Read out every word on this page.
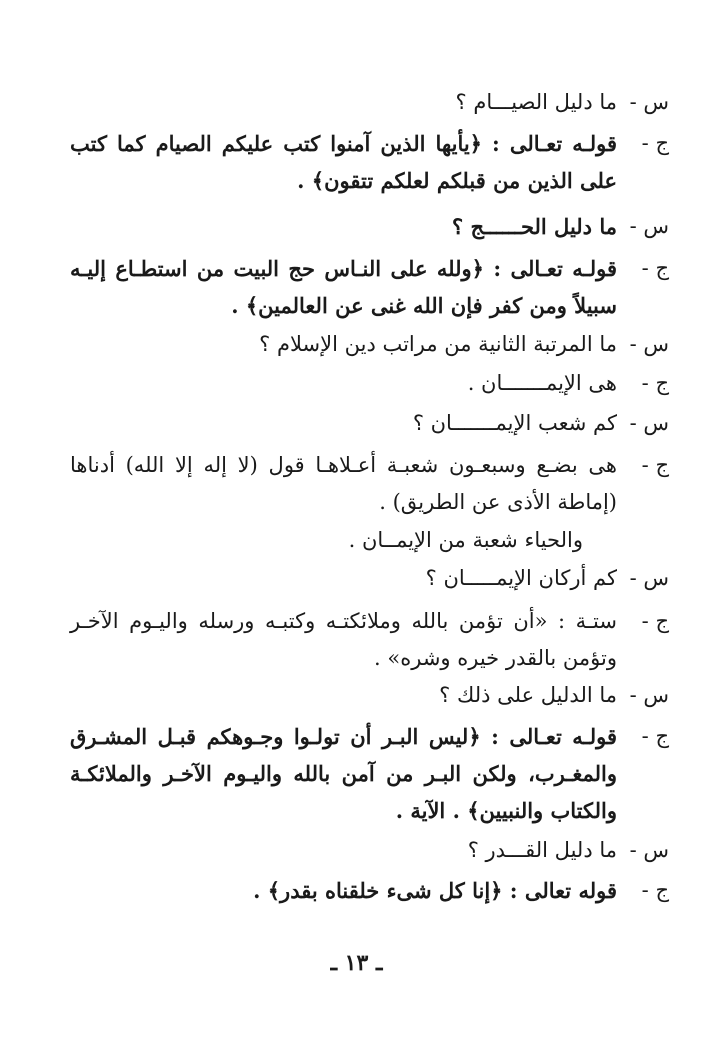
س -
ما دليل الصيـــام ؟
ج -
قولـه تعـالى : ﴿يأيها الذين آمنوا كتب عليكم الصيام كما كتب على الذين من قبلكم لعلكم تتقون﴾ .
س -
ما دليل الحــــــج ؟
ج -
قولـه تعـالى : ﴿ولله على النـاس حج البيت من استطـاع إليـه سبيلاً ومن كفر فإن الله غنى عن العالمين﴾ .
س -
ما المرتبة الثانية من مراتب دين الإسلام ؟
ج -
هى الإيمـــــــان .
س -
كم شعب الإيمـــــــان ؟
ج -
هى بضـع وسبعـون شعبـة أعـلاهـا قول (لا إله إلا الله) أدناها (إماطة الأذى عن الطريق) .
والحياء شعبة من الإيمــان .
س -
كم أركان الإيمـــــان ؟
ج -
ستـة : «أن تؤمن بالله وملائكتـه وكتبـه ورسله واليـوم الآخـر وتؤمن بالقدر خيره وشره» .
س -
ما الدليل على ذلك ؟
ج -
قولـه تعـالى : ﴿ليس البـر أن تولـوا وجـوهكم قبـل المشـرق والمغـرب، ولكن البـر من آمن بالله واليـوم الآخـر والملائكـة والكتاب والنبيين﴾ . الآية .
س -
ما دليل القـــدر ؟
ج -
قوله تعالى : ﴿إنا كل شىء خلقناه بقدر﴾ .
ـ ١٣ ـ
